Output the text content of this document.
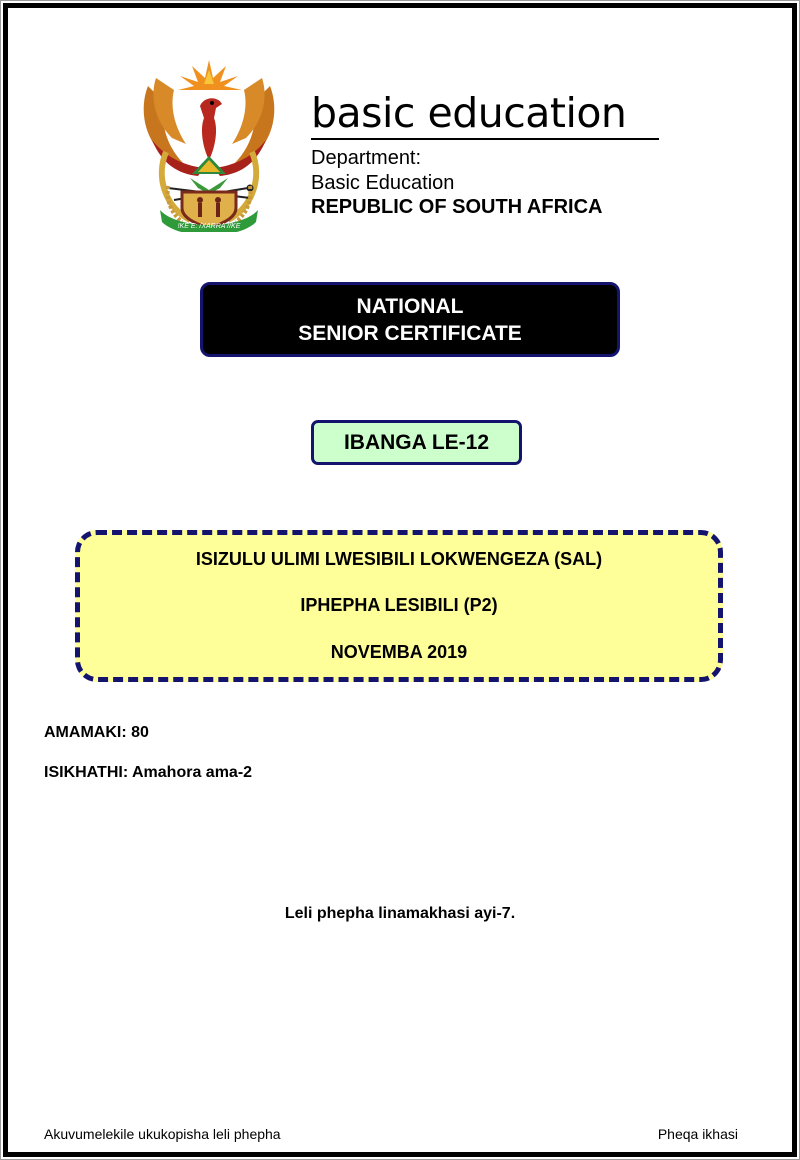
!KE E: /XARRA //KE
basic education
Department:
Basic Education
REPUBLIC OF SOUTH AFRICA
NATIONAL
SENIOR CERTIFICATE
IBANGA LE-12
ISIZULU ULIMI LWESIBILI LOKWENGEZA (SAL)
IPHEPHA LESIBILI (P2)
NOVEMBA 2019
AMAMAKI: 80
ISIKHATHI: Amahora ama-2
Leli phepha linamakhasi ayi-7.
Akuvumelekile ukukopisha leli phepha	Pheqa ikhasi
